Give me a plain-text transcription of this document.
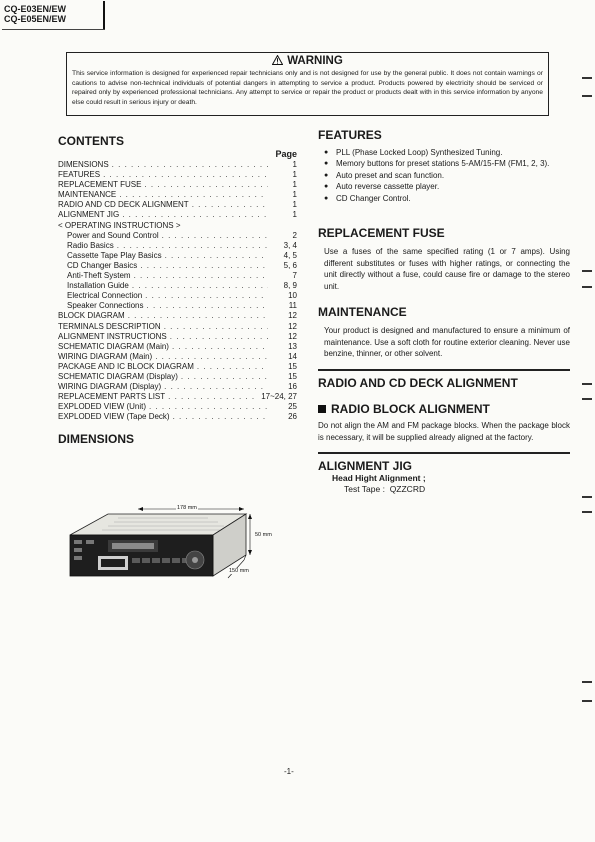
CQ-E03EN/EW
CQ-E05EN/EW
WARNING
This service information is designed for experienced repair technicians only and is not designed for use by the general public. It does not contain warnings or cautions to advise non-technical individuals of potential dangers in attempting to service a product. Products powered by electricity should be serviced or repaired only by experienced professional technicians. Any attempt to service or repair the product or products dealt with in this service information by anyone else could result in serious injury or death.
CONTENTS
Page
DIMENSIONS . . .	1
FEATURES . . .	1
REPLACEMENT FUSE . . .	1
MAINTENANCE . . .	1
RADIO AND CD DECK ALIGNMENT . . .	1
ALIGNMENT JIG . . .	1
< OPERATING INSTRUCTIONS >
Power and Sound Control . . .	2
Radio Basics . . .	3, 4
Cassette Tape Play Basics . . .	4, 5
CD Changer Basics . . .	5, 6
Anti-Theft System . . .	7
Installation Guide . . .	8, 9
Electrical Connection . . .	10
Speaker Connections . . .	11
BLOCK DIAGRAM . . .	12
TERMINALS DESCRIPTION . . .	12
ALIGNMENT INSTRUCTIONS . . .	12
SCHEMATIC DIAGRAM (Main) . . .	13
WIRING DIAGRAM (Main) . . .	14
PACKAGE AND IC BLOCK DIAGRAM . . .	15
SCHEMATIC DIAGRAM (Display) . . .	15
WIRING DIAGRAM (Display) . . .	16
REPLACEMENT PARTS LIST . . .	17~24, 27
EXPLODED VIEW (Unit) . . .	25
EXPLODED VIEW (Tape Deck) . . .	26
DIMENSIONS
178 mm
50 mm
150 mm
FEATURES
● PLL (Phase Locked Loop) Synthesized Tuning.
● Memory buttons for preset stations 5-AM/15-FM (FM1, 2, 3).
● Auto preset and scan function.
● Auto reverse cassette player.
● CD Changer Control.
REPLACEMENT FUSE
Use a fuses of the same specified rating (1 or 7 amps). Using different substitutes or fuses with higher ratings, or connecting the unit directly without a fuse, could cause fire or damage to the stereo unit.
MAINTENANCE
Your product is designed and manufactured to ensure a minimum of maintenance. Use a soft cloth for routine exterior cleaning. Never use benzine, thinner, or other solvent.
RADIO AND CD DECK ALIGNMENT
RADIO BLOCK ALIGNMENT
Do not align the AM and FM package blocks. When the package block is necessary, it will be supplied already aligned at the factory.
ALIGNMENT JIG
Head Hight Alignment ;
Test Tape : QZZCRD
-1-
